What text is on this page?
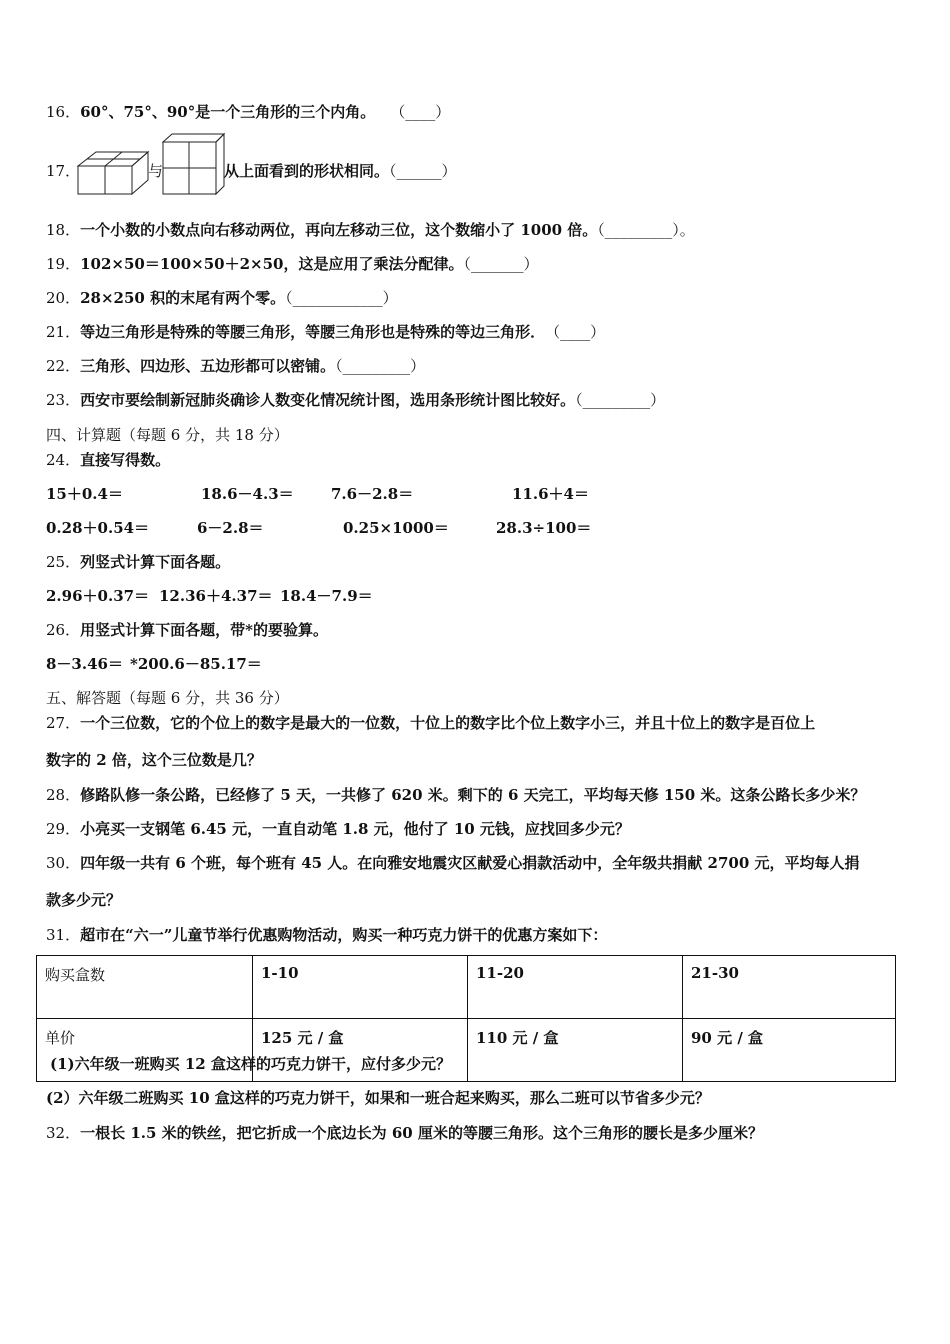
16．60°、75°、90°是一个三角形的三个内角。　　 （____）
17．	与	从上面看到的形状相同。（______）
18．一个小数的小数点向右移动两位，再向左移动三位，这个数缩小了 1000 倍。（_________）。
19．102×50＝100×50＋2×50，这是应用了乘法分配律。（_______）
20．28×250 积的末尾有两个零。（____________）
21．等边三角形是特殊的等腰三角形，等腰三角形也是特殊的等边三角形．　 （____）
22．三角形、四边形、五边形都可以密铺。（_________）
23．西安市要绘制新冠肺炎确诊人数变化情况统计图，选用条形统计图比较好。（_________）
四、计算题（每题 6 分，共 18 分）
24．直接写得数。
15＋0.4＝	18.6－4.3＝ 7.6－2.8＝	11.6＋4＝
0.28＋0.54＝	6－2.8＝	0.25×1000＝	28.3÷100＝
25．列竖式计算下面各题。
2.96＋0.37＝ 12.36＋4.37＝ 18.4－7.9＝
26．用竖式计算下面各题，带*的要验算。
8－3.46＝ *200.6－85.17＝
五、解答题（每题 6 分，共 36 分）
27．一个三位数，它的个位上的数字是最大的一位数，十位上的数字比个位上数字小三，并且十位上的数字是百位上
数字的 2 倍，这个三位数是几？
28．修路队修一条公路，已经修了 5 天，一共修了 620 米。剩下的 6 天完工，平均每天修 150 米。这条公路长多少米？
29．小亮买一支钢笔 6.45 元，一直自动笔 1.8 元，他付了 10 元钱，应找回多少元？
30．四年级一共有 6 个班，每个班有 45 人。在向雅安地震灾区献爱心捐款活动中，全年级共捐献 2700 元，平均每人捐
款多少元？
31．超市在“六一”儿童节举行优惠购物活动，购买一种巧克力饼干的优惠方案如下：
购买盒数	1-10	11-20	21-30
单价	125 元 / 盒	110 元 / 盒	90 元 / 盒
(1)六年级一班购买 12 盒这样的巧克力饼干，应付多少元？
(2）六年级二班购买 10 盒这样的巧克力饼干，如果和一班合起来购买，那么二班可以节省多少元？
32．一根长 1.5 米的铁丝，把它折成一个底边长为 60 厘米的等腰三角形。这个三角形的腰长是多少厘米？
